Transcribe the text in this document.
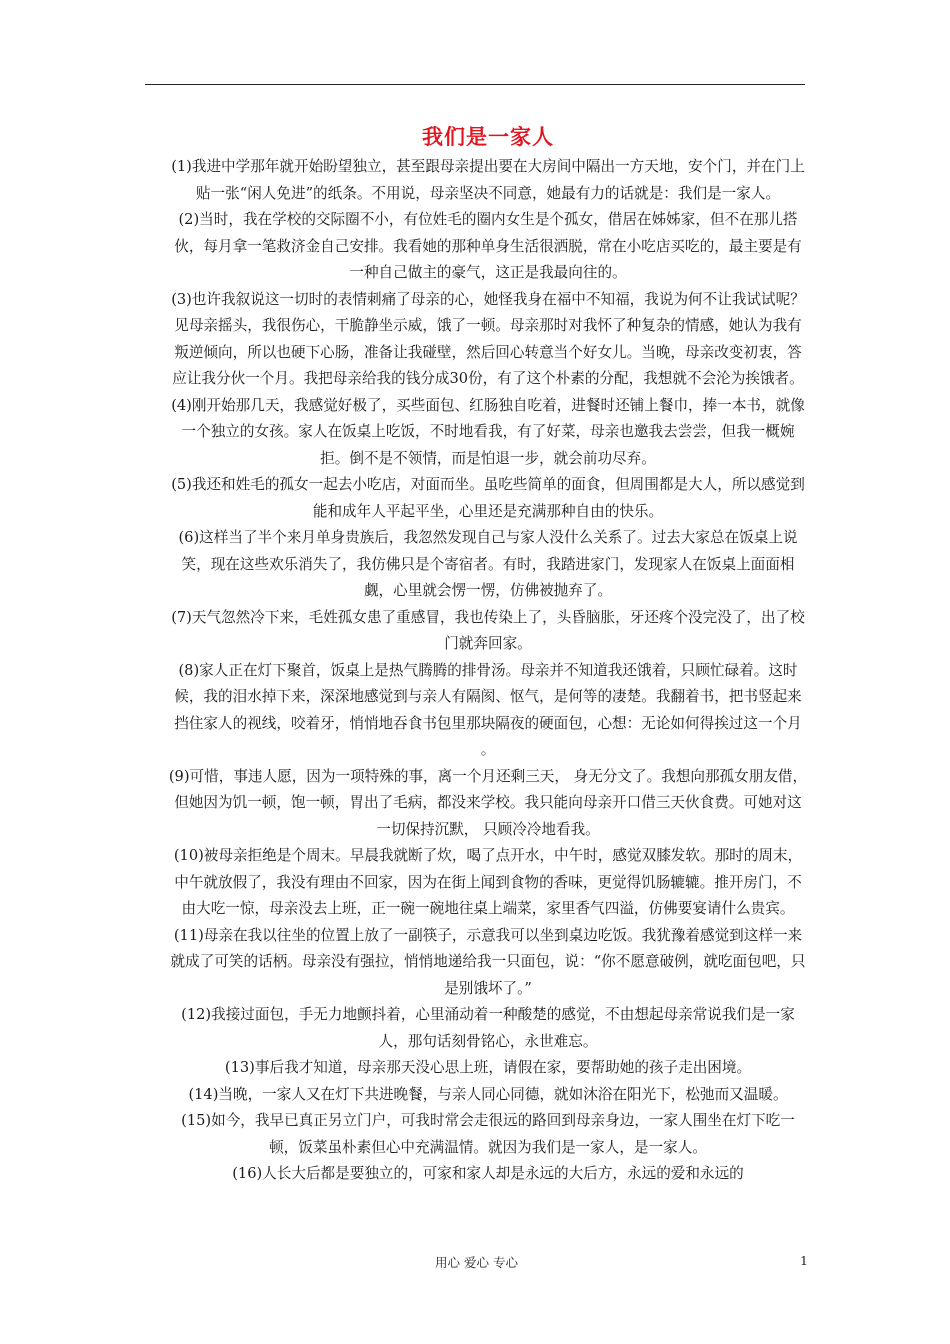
我们是一家人

(1)我进中学那年就开始盼望独立，甚至跟母亲提出要在大房间中隔出一方天地，安个门，并在门上贴一张“闲人免进”的纸条。不用说，母亲坚决不同意，她最有力的话就是：我们是一家人。

(2)当时，我在学校的交际圈不小，有位姓毛的圈内女生是个孤女，借居在姊姊家，但不在那儿搭伙，每月拿一笔救济金自己安排。我看她的那种单身生活很洒脱，常在小吃店买吃的，最主要是有一种自己做主的豪气，这正是我最向往的。

(3)也许我叙说这一切时的表情刺痛了母亲的心，她怪我身在福中不知福，我说为何不让我试试呢？见母亲摇头，我很伤心，干脆静坐示威，饿了一顿。母亲那时对我怀了种复杂的情感，她认为我有叛逆倾向，所以也硬下心肠，准备让我碰壁，然后回心转意当个好女儿。当晚，母亲改变初衷，答应让我分伙一个月。我把母亲给我的钱分成30份，有了这个朴素的分配，我想就不会沦为挨饿者。

(4)刚开始那几天，我感觉好极了，买些面包、红肠独自吃着，进餐时还铺上餐巾，捧一本书，就像一个独立的女孩。家人在饭桌上吃饭，不时地看我，有了好菜，母亲也邀我去尝尝，但我一概婉拒。倒不是不领情，而是怕退一步，就会前功尽弃。

(5)我还和姓毛的孤女一起去小吃店，对面而坐。虽吃些简单的面食，但周围都是大人，所以感觉到能和成年人平起平坐，心里还是充满那种自由的快乐。

(6)这样当了半个来月单身贵族后，我忽然发现自己与家人没什么关系了。过去大家总在饭桌上说笑，现在这些欢乐消失了，我仿佛只是个寄宿者。有时，我踏进家门，发现家人在饭桌上面面相觑，心里就会愣一愣，仿佛被抛弃了。

(7)天气忽然冷下来，毛姓孤女患了重感冒，我也传染上了，头昏脑胀，牙还疼个没完没了，出了校门就奔回家。

(8)家人正在灯下聚首，饭桌上是热气腾腾的排骨汤。母亲并不知道我还饿着，只顾忙碌着。这时候，我的泪水掉下来，深深地感觉到与亲人有隔阂、怄气，是何等的凄楚。我翻着书，把书竖起来挡住家人的视线，咬着牙，悄悄地吞食书包里那块隔夜的硬面包，心想：无论如何得挨过这一个月 。

(9)可惜，事违人愿，因为一项特殊的事，离一个月还剩三天， 身无分文了。我想向那孤女朋友借，但她因为饥一顿，饱一顿，胃出了毛病，都没来学校。我只能向母亲开口借三天伙食费。可她对这一切保持沉默， 只顾冷冷地看我。

(10)被母亲拒绝是个周末。早晨我就断了炊，喝了点开水，中午时，感觉双膝发软。那时的周末，中午就放假了，我没有理由不回家，因为在街上闻到食物的香味，更觉得饥肠辘辘。推开房门，不由大吃一惊，母亲没去上班，正一碗一碗地往桌上端菜，家里香气四溢，仿佛要宴请什么贵宾。

(11)母亲在我以往坐的位置上放了一副筷子，示意我可以坐到桌边吃饭。我犹豫着感觉到这样一来就成了可笑的话柄。母亲没有强拉，悄悄地递给我一只面包，说：“你不愿意破例，就吃面包吧，只是别饿坏了。”

(12)我接过面包，手无力地颤抖着，心里涌动着一种酸楚的感觉，不由想起母亲常说我们是一家人，那句话刻骨铭心，永世难忘。

(13)事后我才知道，母亲那天没心思上班，请假在家，要帮助她的孩子走出困境。

(14)当晚，一家人又在灯下共进晚餐，与亲人同心同德，就如沐浴在阳光下，松弛而又温暖。

(15)如今，我早已真正另立门户，可我时常会走很远的路回到母亲身边，一家人围坐在灯下吃一顿，饭菜虽朴素但心中充满温情。就因为我们是一家人，是一家人。

(16)人长大后都是要独立的，可家和家人却是永远的大后方，永远的爱和永远的

用心 爱心 专心	1
